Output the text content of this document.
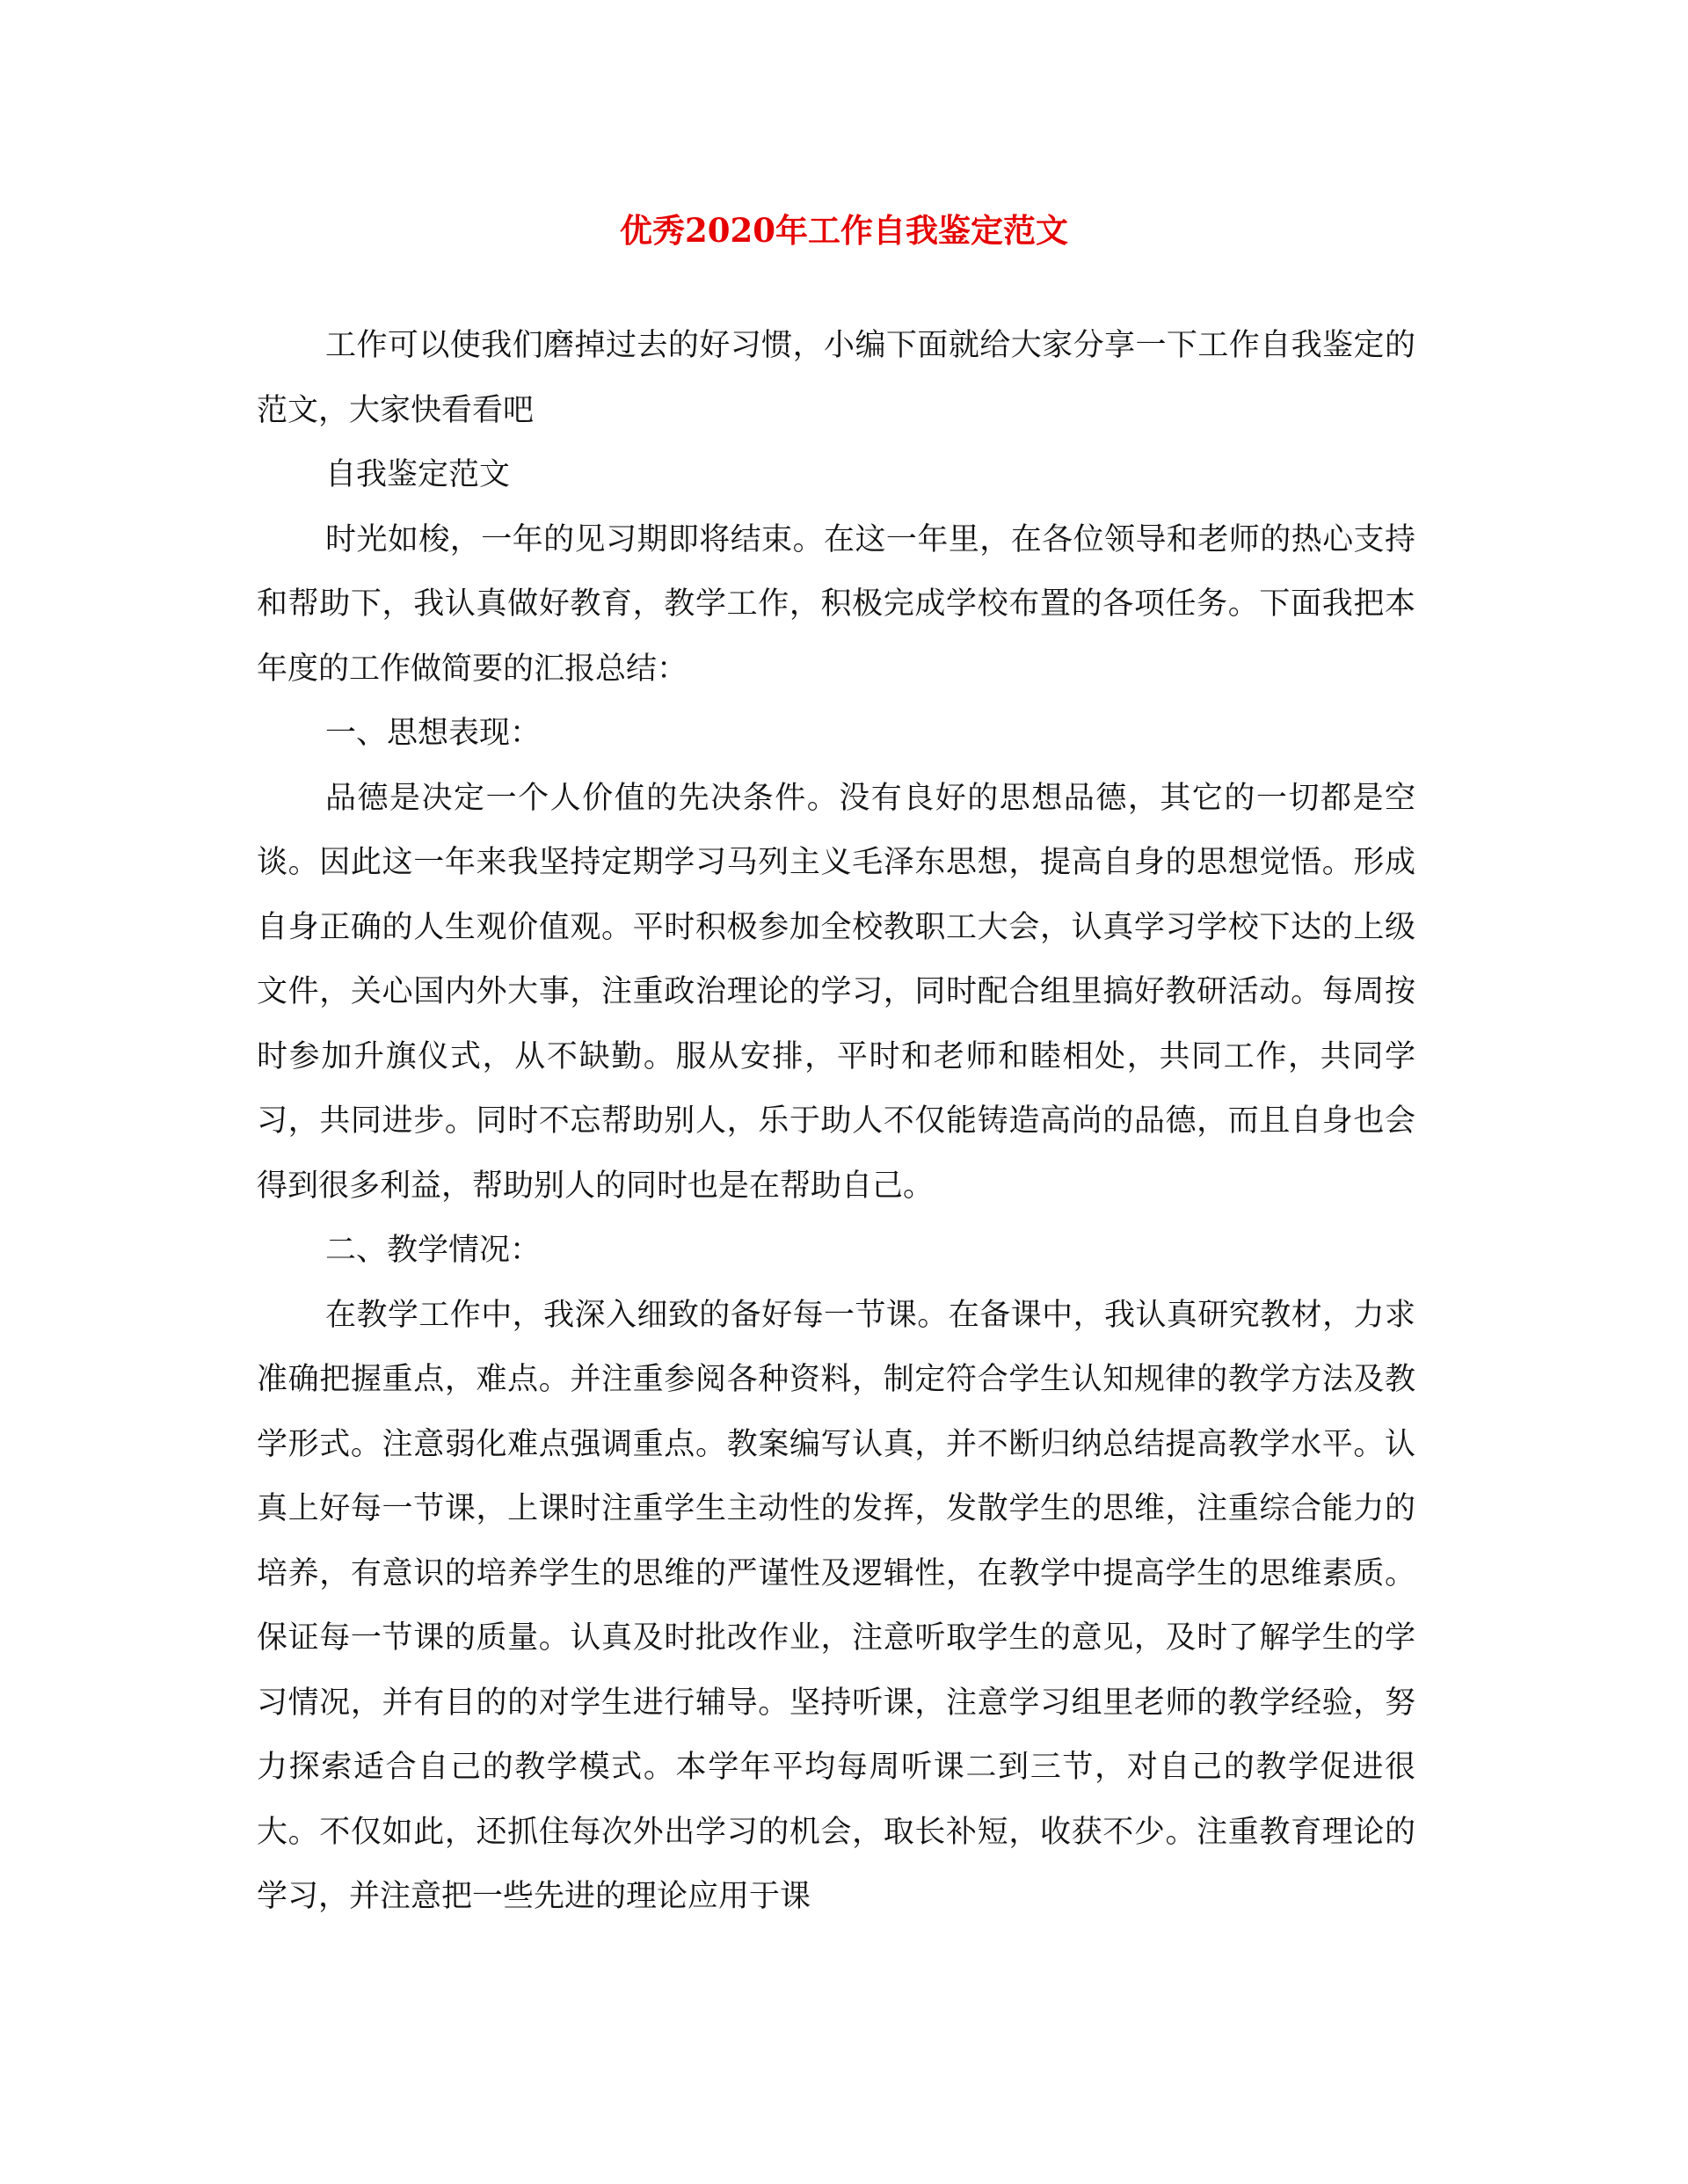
优秀2020年工作自我鉴定范文

工作可以使我们磨掉过去的好习惯，小编下面就给大家分享一下工作自我鉴定的范文，大家快看看吧

自我鉴定范文

时光如梭，一年的见习期即将结束。在这一年里，在各位领导和老师的热心支持和帮助下，我认真做好教育，教学工作，积极完成学校布置的各项任务。下面我把本年度的工作做简要的汇报总结：

一、思想表现：

品德是决定一个人价值的先决条件。没有良好的思想品德，其它的一切都是空谈。因此这一年来我坚持定期学习马列主义毛泽东思想，提高自身的思想觉悟。形成自身正确的人生观价值观。平时积极参加全校教职工大会，认真学习学校下达的上级文件，关心国内外大事，注重政治理论的学习，同时配合组里搞好教研活动。每周按时参加升旗仪式，从不缺勤。服从安排，平时和老师和睦相处，共同工作，共同学习，共同进步。同时不忘帮助别人，乐于助人不仅能铸造高尚的品德，而且自身也会得到很多利益，帮助别人的同时也是在帮助自己。

二、教学情况：

在教学工作中，我深入细致的备好每一节课。在备课中，我认真研究教材，力求准确把握重点，难点。并注重参阅各种资料，制定符合学生认知规律的教学方法及教学形式。注意弱化难点强调重点。教案编写认真，并不断归纳总结提高教学水平。认真上好每一节课，上课时注重学生主动性的发挥，发散学生的思维，注重综合能力的培养，有意识的培养学生的思维的严谨性及逻辑性，在教学中提高学生的思维素质。保证每一节课的质量。认真及时批改作业，注意听取学生的意见，及时了解学生的学习情况，并有目的的对学生进行辅导。坚持听课，注意学习组里老师的教学经验，努力探索适合自己的教学模式。本学年平均每周听课二到三节，对自己的教学促进很大。不仅如此，还抓住每次外出学习的机会，取长补短，收获不少。注重教育理论的学习，并注意把一些先进的理论应用于课
